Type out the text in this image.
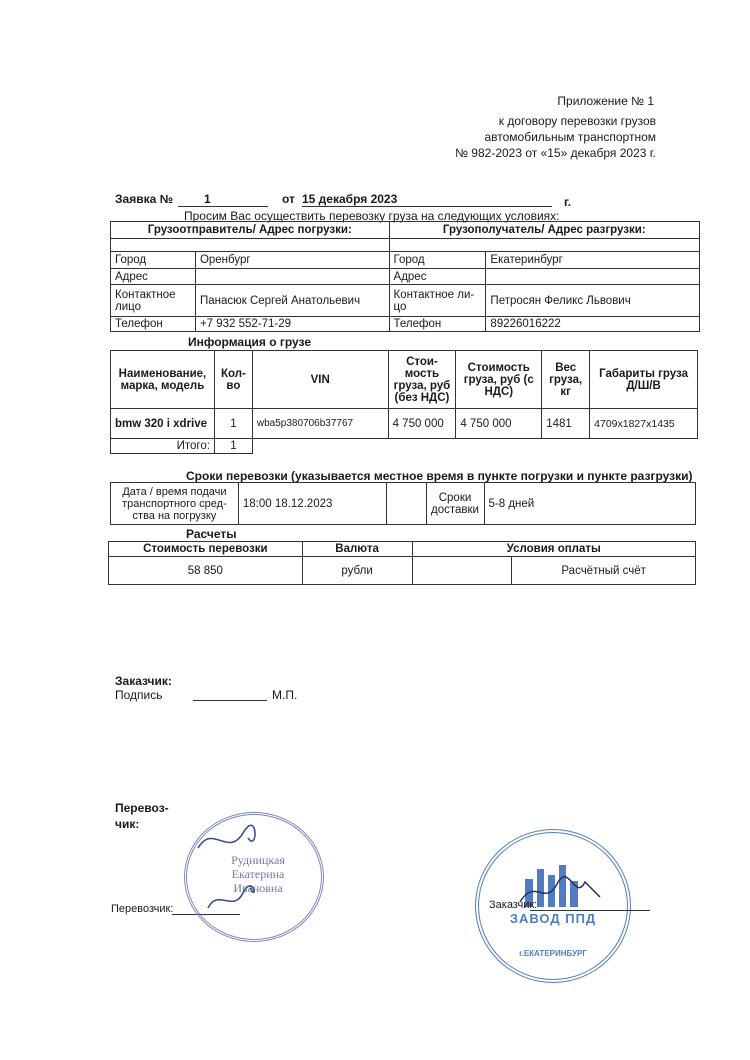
Приложение № 1
к договору перевозки грузов
автомобильным транспортном
№ 982-2023 от «15» декабря 2023 г.
Заявка №	1	от 15 декабря 2023	г.
Просим Вас осуществить перевозку груза на следующих условиях:
Грузоотправитель/ Адрес погрузки:		Грузополучатель/ Адрес разгрузки:	

Город	Оренбург	Город	Екатеринбург
Адрес		Адрес	
Контактное лицо	Панасюк Сергей Анатольевич	Контактное ли-цо	Петросян Феликс Львович
Телефон	+7 932 552-71-29	Телефон	89226016222
Информация о грузе
Наименование, марка, модель	Кол-во	VIN	Стои-мость груза, руб (без НДС)	Стоимость груза, руб (с НДС)	Вес груза, кг	Габариты груза Д/Ш/В
bmw 320 i xdrive	1	wba5p380706b37767	4 750 000	4 750 000	1481	4709x1827x1435
Итого:	1					
Сроки перевозки (указывается местное время в пункте погрузки и пункте разгрузки)
Дата / время подачи транспортного сред-ства на погрузку	18:00 18.12.2023		Сроки доставки	5-8 дней
Расчеты
Стоимость перевозки	Валюта	Условия оплаты	
58 850	рубли		Расчётный счёт
Заказчик:
Подпись	М.П.
Перевоз-чик:
Перевозчик:
Рудницкая Екатерина Ивановна
ЗАВОД ППД
г.ЕКАТЕРИНБУРГ
Заказчик:
